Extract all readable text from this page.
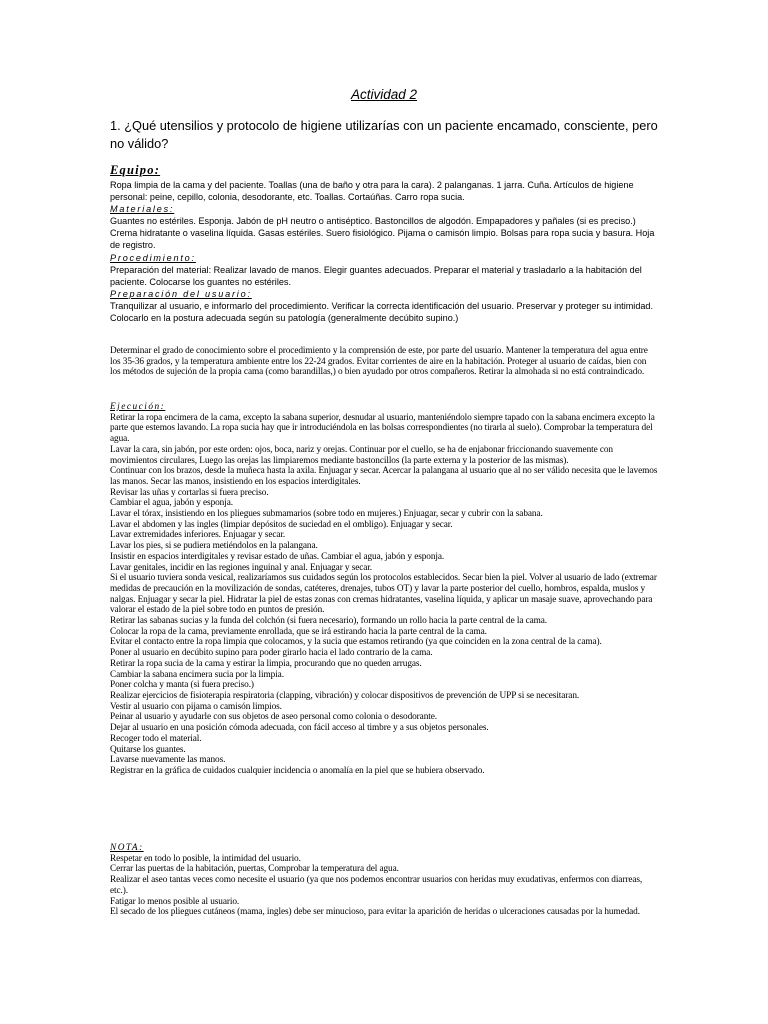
Actividad 2
1. ¿Qué utensilios y protocolo de higiene utilizarías con un paciente encamado, consciente, pero no válido?
Equipo:
Ropa limpia de la cama y del paciente. Toallas (una de baño y otra para la cara). 2 palanganas. 1 jarra. Cuña. Artículos de higiene personal: peine, cepillo, colonia, desodorante, etc. Toallas. Cortaúñas. Carro ropa sucia.
Materiales:
Guantes no estériles. Esponja. Jabón de pH neutro o antiséptico. Bastoncillos de algodón. Empapadores y pañales (si es preciso.) Crema hidratante o vaselina líquida. Gasas estériles. Suero fisiológico. Pijama o camisón limpio. Bolsas para ropa sucia y basura. Hoja de registro.
Procedimiento:
Preparación del material: Realizar lavado de manos. Elegir guantes adecuados. Preparar el material y trasladarlo a la habitación del paciente. Colocarse los guantes no estériles.
Preparación del usuario:
Tranquilizar al usuario, e informarlo del procedimiento. Verificar la correcta identificación del usuario. Preservar y proteger su intimidad. Colocarlo en la postura adecuada según su patología (generalmente decúbito supino.)
Determinar el grado de conocimiento sobre el procedimiento y la comprensión de este, por parte del usuario. Mantener la temperatura del agua entre los 35-36 grados, y la temperatura ambiente entre los 22-24 grados. Evitar corrientes de aire en la habitación. Proteger al usuario de caídas, bien con los métodos de sujeción de la propia cama (como barandillas,) o bien ayudado por otros compañeros. Retirar la almohada si no está contraindicado.
Ejecución:

Retirar la ropa encimera de la cama, excepto la sabana superior, desnudar al usuario, manteniéndolo siempre tapado con la sabana encimera excepto la parte que estemos lavando. La ropa sucia hay que ir introduciéndola en las bolsas correspondientes (no tirarla al suelo). Comprobar la temperatura del agua.

Lavar la cara, sin jabón, por este orden: ojos, boca, nariz y orejas. Continuar por el cuello, se ha de enjabonar friccionando suavemente con movimientos circulares, Luego las orejas las limpiaremos mediante bastoncillos (la parte externa y la posterior de las mismas).

Continuar con los brazos, desde la muñeca hasta la axila. Enjuagar y secar. Acercar la palangana al usuario que al no ser válido necesita que le lavemos las manos. Secar las manos, insistiendo en los espacios interdigitales.

Revisar las uñas y cortarlas si fuera preciso.

Cambiar el agua, jabón y esponja.

Lavar el tórax, insistiendo en los pliegues submamarios (sobre todo en mujeres.) Enjuagar, secar y cubrir con la sabana.

Lavar el abdomen y las ingles (limpiar depósitos de suciedad en el ombligo). Enjuagar y secar.

Lavar extremidades inferiores. Enjuagar y secar.

Lavar los pies, si se pudiera metiéndolos en la palangana.

Insistir en espacios interdigitales y revisar estado de uñas. Cambiar el agua, jabón y esponja.

Lavar genitales, incidir en las regiones inguinal y anal. Enjuagar y secar.

Si el usuario tuviera sonda vesical, realizaríamos sus cuidados según los protocolos establecidos. Secar bien la piel. Volver al usuario de lado (extremar medidas de precaución en la movilización de sondas, catéteres, drenajes, tubos OT) y lavar la parte posterior del cuello, hombros, espalda, muslos y nalgas. Enjuagar y secar la piel. Hidratar la piel de estas zonas con cremas hidratantes, vaselina líquida, y aplicar un masaje suave, aprovechando para valorar el estado de la piel sobre todo en puntos de presión.

Retirar las sabanas sucias y la funda del colchón (si fuera necesario), formando un rollo hacia la parte central de la cama.

Colocar la ropa de la cama, previamente enrollada, que se irá estirando hacia la parte central de la cama.

Evitar el contacto entre la ropa limpia que colocamos, y la sucia que estamos retirando (ya que coinciden en la zona central de la cama).

Poner al usuario en decúbito supino para poder girarlo hacia el lado contrario de la cama.

Retirar la ropa sucia de la cama y estirar la limpia, procurando que no queden arrugas.

Cambiar la sabana encimera sucia por la limpia.

Poner colcha y manta (si fuera preciso.)

Realizar ejercicios de fisioterapia respiratoria (clapping, vibración) y colocar dispositivos de prevención de UPP si se necesitaran.

Vestir al usuario con pijama o camisón limpios.

Peinar al usuario y ayudarle con sus objetos de aseo personal como colonia o desodorante.

Dejar al usuario en una posición cómoda adecuada, con fácil acceso al timbre y a sus objetos personales.

Recoger todo el material.

Quitarse los guantes.

Lavarse nuevamente las manos.

Registrar en la gráfica de cuidados cualquier incidencia o anomalía en la piel que se hubiera observado.

NOTA:

Respetar en todo lo posible, la intimidad del usuario.

Cerrar las puertas de la habitación, puertas, Comprobar la temperatura del agua.

Realizar el aseo tantas veces como necesite el usuario (ya que nos podemos encontrar usuarios con heridas muy exudativas, enfermos con diarreas, etc.).

Fatigar lo menos posible al usuario.

El secado de los pliegues cutáneos (mama, ingles) debe ser minucioso, para evitar la aparición de heridas o ulceraciones causadas por la humedad.
